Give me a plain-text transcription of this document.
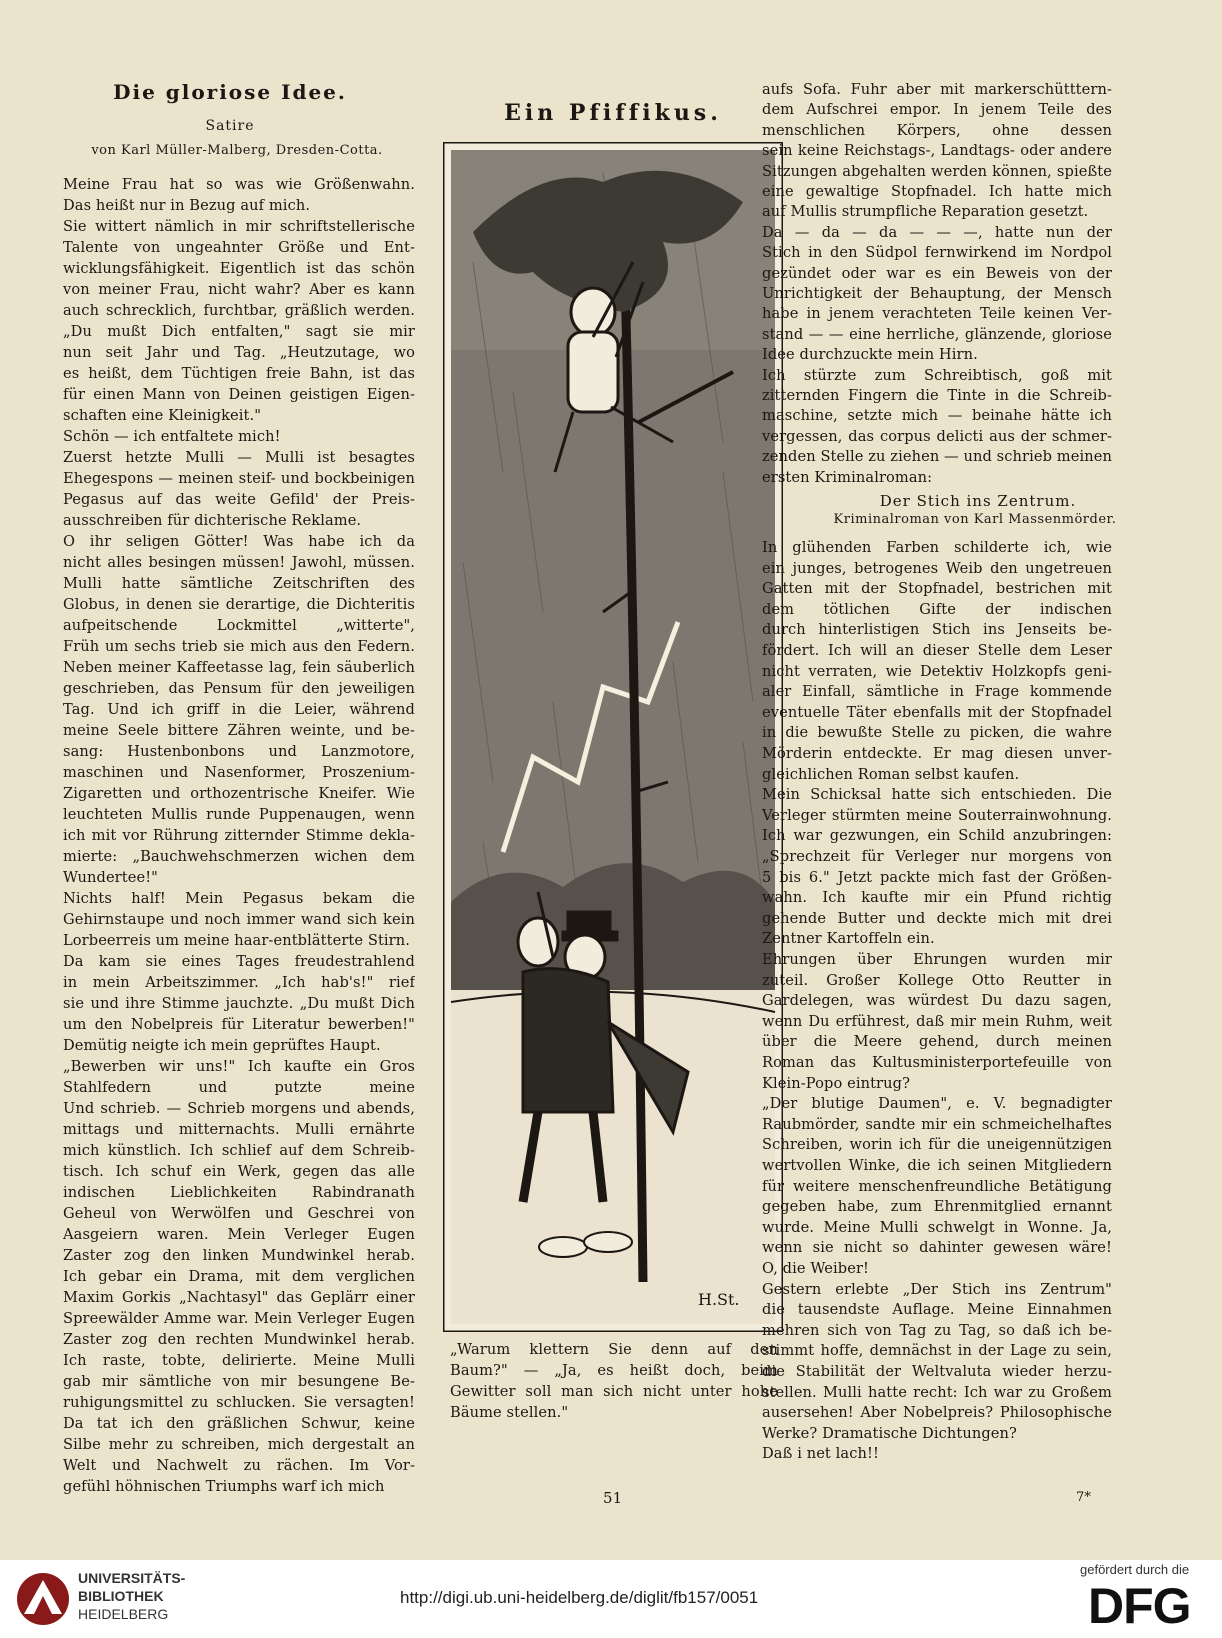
Die gloriose Idee.
Satire
von Karl Müller-Malberg, Dresden-Cotta.
Ein Pfiffikus.
H.St.
Der Stich ins Zentrum.
Kriminalroman von Karl Massenmörder.
51	7*
Meine Frau hat so was wie Größenwahn.
Das heißt nur in Bezug auf mich.
Sie wittert nämlich in mir schriftstellerische
Talente von ungeahnter Größe und Ent-
wicklungsfähigkeit. Eigentlich ist das schön
von meiner Frau, nicht wahr? Aber es kann
auch schrecklich, furchtbar, gräßlich werden.
„Du mußt Dich entfalten," sagt sie mir
nun seit Jahr und Tag. „Heutzutage, wo
es heißt, dem Tüchtigen freie Bahn, ist das
für einen Mann von Deinen geistigen Eigen-
schaften eine Kleinigkeit."
Schön — ich entfaltete mich!
Zuerst hetzte Mulli — Mulli ist besagtes
Ehegespons — meinen steif- und bockbeinigen
Pegasus auf das weite Gefild' der Preis-
ausschreiben für dichterische Reklame.
O ihr seligen Götter! Was habe ich da
nicht alles besingen müssen! Jawohl, müssen.
Mulli hatte sämtliche Zeitschriften des
Globus, in denen sie derartige, die Dichteritis
aufpeitschende Lockmittel „witterte",
Früh um sechs trieb sie mich aus den Federn.
Neben meiner Kaffeetasse lag, fein säuberlich
geschrieben, das Pensum für den jeweiligen
Tag. Und ich griff in die Leier, während
meine Seele bittere Zähren weinte, und be-
sang: Hustenbonbons und Lanzmotore,
maschinen und Nasenformer, Proszenium-
Zigaretten und orthozentrische Kneifer. Wie
leuchteten Mullis runde Puppenaugen, wenn
ich mit vor Rührung zitternder Stimme dekla-
mierte: „Bauchwehschmerzen wichen dem
Wundertee!"
Nichts half! Mein Pegasus bekam die
Gehirnstaupe und noch immer wand sich kein
Lorbeerreis um meine haar-entblätterte Stirn.
Da kam sie eines Tages freudestrahlend
in mein Arbeitszimmer. „Ich hab's!" rief
sie und ihre Stimme jauchzte. „Du mußt Dich
um den Nobelpreis für Literatur bewerben!"
Demütig neigte ich mein geprüftes Haupt.
„Bewerben wir uns!" Ich kaufte ein Gros
Stahlfedern und putzte meine
Und schrieb. — Schrieb morgens und abends,
mittags und mitternachts. Mulli ernährte
mich künstlich. Ich schlief auf dem Schreib-
tisch. Ich schuf ein Werk, gegen das alle
indischen Lieblichkeiten Rabindranath
Geheul von Werwölfen und Geschrei von
Aasgeiern waren. Mein Verleger Eugen
Zaster zog den linken Mundwinkel herab.
Ich gebar ein Drama, mit dem verglichen
Maxim Gorkis „Nachtasyl" das Geplärr einer
Spreewälder Amme war. Mein Verleger Eugen
Zaster zog den rechten Mundwinkel herab.
Ich raste, tobte, delirierte. Meine Mulli
gab mir sämtliche von mir besungene Be-
ruhigungsmittel zu schlucken. Sie versagten!
Da tat ich den gräßlichen Schwur, keine
Silbe mehr zu schreiben, mich dergestalt an
Welt und Nachwelt zu rächen. Im Vor-
gefühl höhnischen Triumphs warf ich mich
aufs Sofa. Fuhr aber mit markerschütttern-
dem Aufschrei empor. In jenem Teile des
menschlichen Körpers, ohne dessen
sein keine Reichstags-, Landtags- oder andere
Sitzungen abgehalten werden können, spießte
eine gewaltige Stopfnadel. Ich hatte mich
auf Mullis strumpfliche Reparation gesetzt.
Da — da — da — — —, hatte nun der
Stich in den Südpol fernwirkend im Nordpol
gezündet oder war es ein Beweis von der
Unrichtigkeit der Behauptung, der Mensch
habe in jenem verachteten Teile keinen Ver-
stand — — eine herrliche, glänzende, gloriose
Idee durchzuckte mein Hirn.
Ich stürzte zum Schreibtisch, goß mit
zitternden Fingern die Tinte in die Schreib-
maschine, setzte mich — beinahe hätte ich
vergessen, das corpus delicti aus der schmer-
zenden Stelle zu ziehen — und schrieb meinen
ersten Kriminalroman:
In glühenden Farben schilderte ich, wie
ein junges, betrogenes Weib den ungetreuen
Gatten mit der Stopfnadel, bestrichen mit
dem tötlichen Gifte der indischen
durch hinterlistigen Stich ins Jenseits be-
fördert. Ich will an dieser Stelle dem Leser
nicht verraten, wie Detektiv Holzkopfs geni-
aler Einfall, sämtliche in Frage kommende
eventuelle Täter ebenfalls mit der Stopfnadel
in die bewußte Stelle zu picken, die wahre
Mörderin entdeckte. Er mag diesen unver-
gleichlichen Roman selbst kaufen.
Mein Schicksal hatte sich entschieden. Die
Verleger stürmten meine Souterrainwohnung.
Ich war gezwungen, ein Schild anzubringen:
„Sprechzeit für Verleger nur morgens von
5 bis 6." Jetzt packte mich fast der Größen-
wahn. Ich kaufte mir ein Pfund richtig
gehende Butter und deckte mich mit drei
Zentner Kartoffeln ein.
Ehrungen über Ehrungen wurden mir
zuteil. Großer Kollege Otto Reutter in
Gardelegen, was würdest Du dazu sagen,
wenn Du erführest, daß mir mein Ruhm, weit
über die Meere gehend, durch meinen
Roman das Kultusministerportefeuille von
Klein-Popo eintrug?
„Der blutige Daumen", e. V. begnadigter
Raubmörder, sandte mir ein schmeichelhaftes
Schreiben, worin ich für die uneigennützigen
wertvollen Winke, die ich seinen Mitgliedern
für weitere menschenfreundliche Betätigung
gegeben habe, zum Ehrenmitglied ernannt
wurde. Meine Mulli schwelgt in Wonne. Ja,
wenn sie nicht so dahinter gewesen wäre!
O, die Weiber!
Gestern erlebte „Der Stich ins Zentrum"
die tausendste Auflage. Meine Einnahmen
mehren sich von Tag zu Tag, so daß ich be-
stimmt hoffe, demnächst in der Lage zu sein,
die Stabilität der Weltvaluta wieder herzu-
stellen. Mulli hatte recht: Ich war zu Großem
ausersehen! Aber Nobelpreis? Philosophische
Werke? Dramatische Dichtungen?
Daß i net lach!!
„Warum klettern Sie denn auf den
Baum?" — „Ja, es heißt doch, beim
Gewitter soll man sich nicht unter hohe
Bäume stellen."
UNIVERSITÄTS-
BIBLIOTHEK
HEIDELBERG
http://digi.ub.uni-heidelberg.de/diglit/fb157/0051
gefördert durch die
DFG
